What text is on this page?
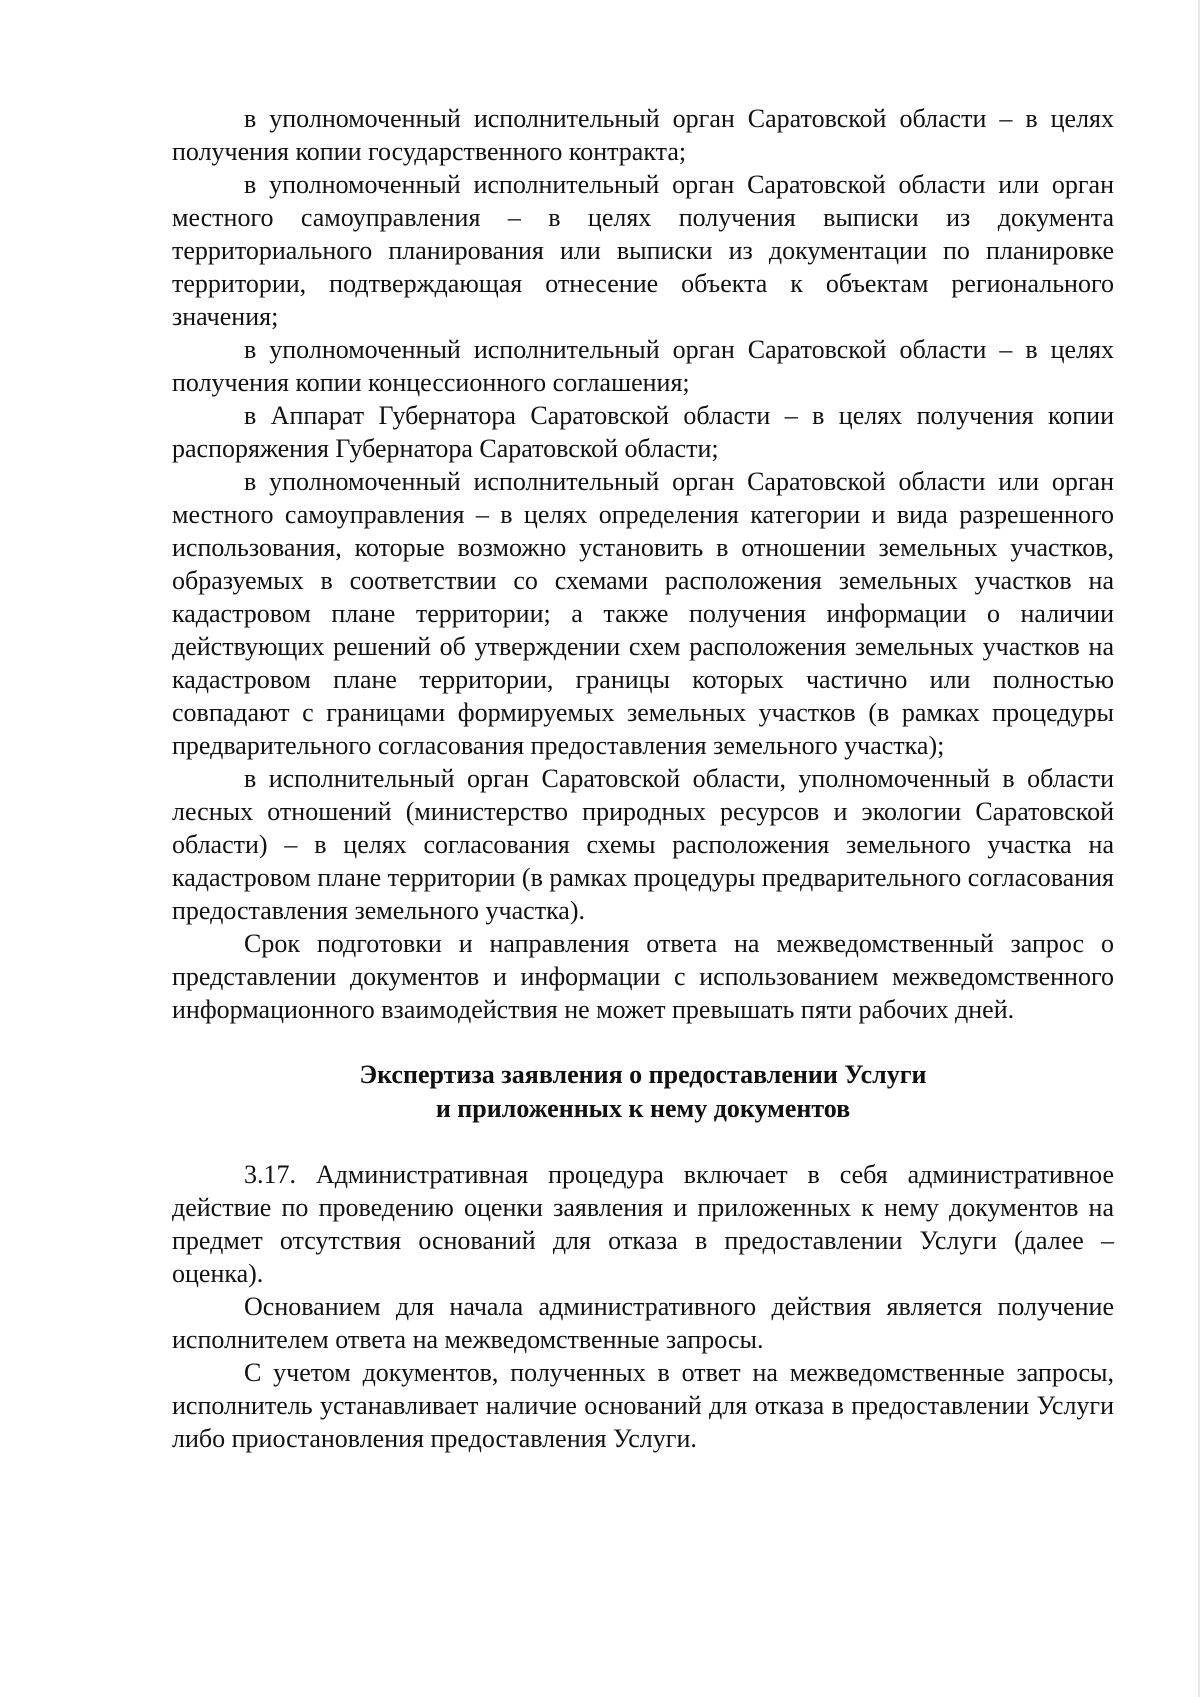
в уполномоченный исполнительный орган Саратовской области – в целях получения копии государственного контракта;

в уполномоченный исполнительный орган Саратовской области или орган местного самоуправления – в целях получения выписки из документа территориального планирования или выписки из документации по планировке территории, подтверждающая отнесение объекта к объектам регионального значения;

в уполномоченный исполнительный орган Саратовской области – в целях получения копии концессионного соглашения;

в Аппарат Губернатора Саратовской области – в целях получения копии распоряжения Губернатора Саратовской области;

в уполномоченный исполнительный орган Саратовской области или орган местного самоуправления – в целях определения категории и вида разрешенного использования, которые возможно установить в отношении земельных участков, образуемых в соответствии со схемами расположения земельных участков на кадастровом плане территории; а также получения информации о наличии действующих решений об утверждении схем расположения земельных участков на кадастровом плане территории, границы которых частично или полностью совпадают с границами формируемых земельных участков (в рамках процедуры предварительного согласования предоставления земельного участка);

в исполнительный орган Саратовской области, уполномоченный в области лесных отношений (министерство природных ресурсов и экологии Саратовской области) – в целях согласования схемы расположения земельного участка на кадастровом плане территории (в рамках процедуры предварительного согласования предоставления земельного участка).

Срок подготовки и направления ответа на межведомственный запрос о представлении документов и информации с использованием межведомственного информационного взаимодействия не может превышать пяти рабочих дней.

Экспертиза заявления о предоставлении Услуги
и приложенных к нему документов

3.17. Административная процедура включает в себя административное действие по проведению оценки заявления и приложенных к нему документов на предмет отсутствия оснований для отказа в предоставлении Услуги (далее – оценка).

Основанием для начала административного действия является получение исполнителем ответа на межведомственные запросы.

С учетом документов, полученных в ответ на межведомственные запросы, исполнитель устанавливает наличие оснований для отказа в предоставлении Услуги либо приостановления предоставления Услуги.
